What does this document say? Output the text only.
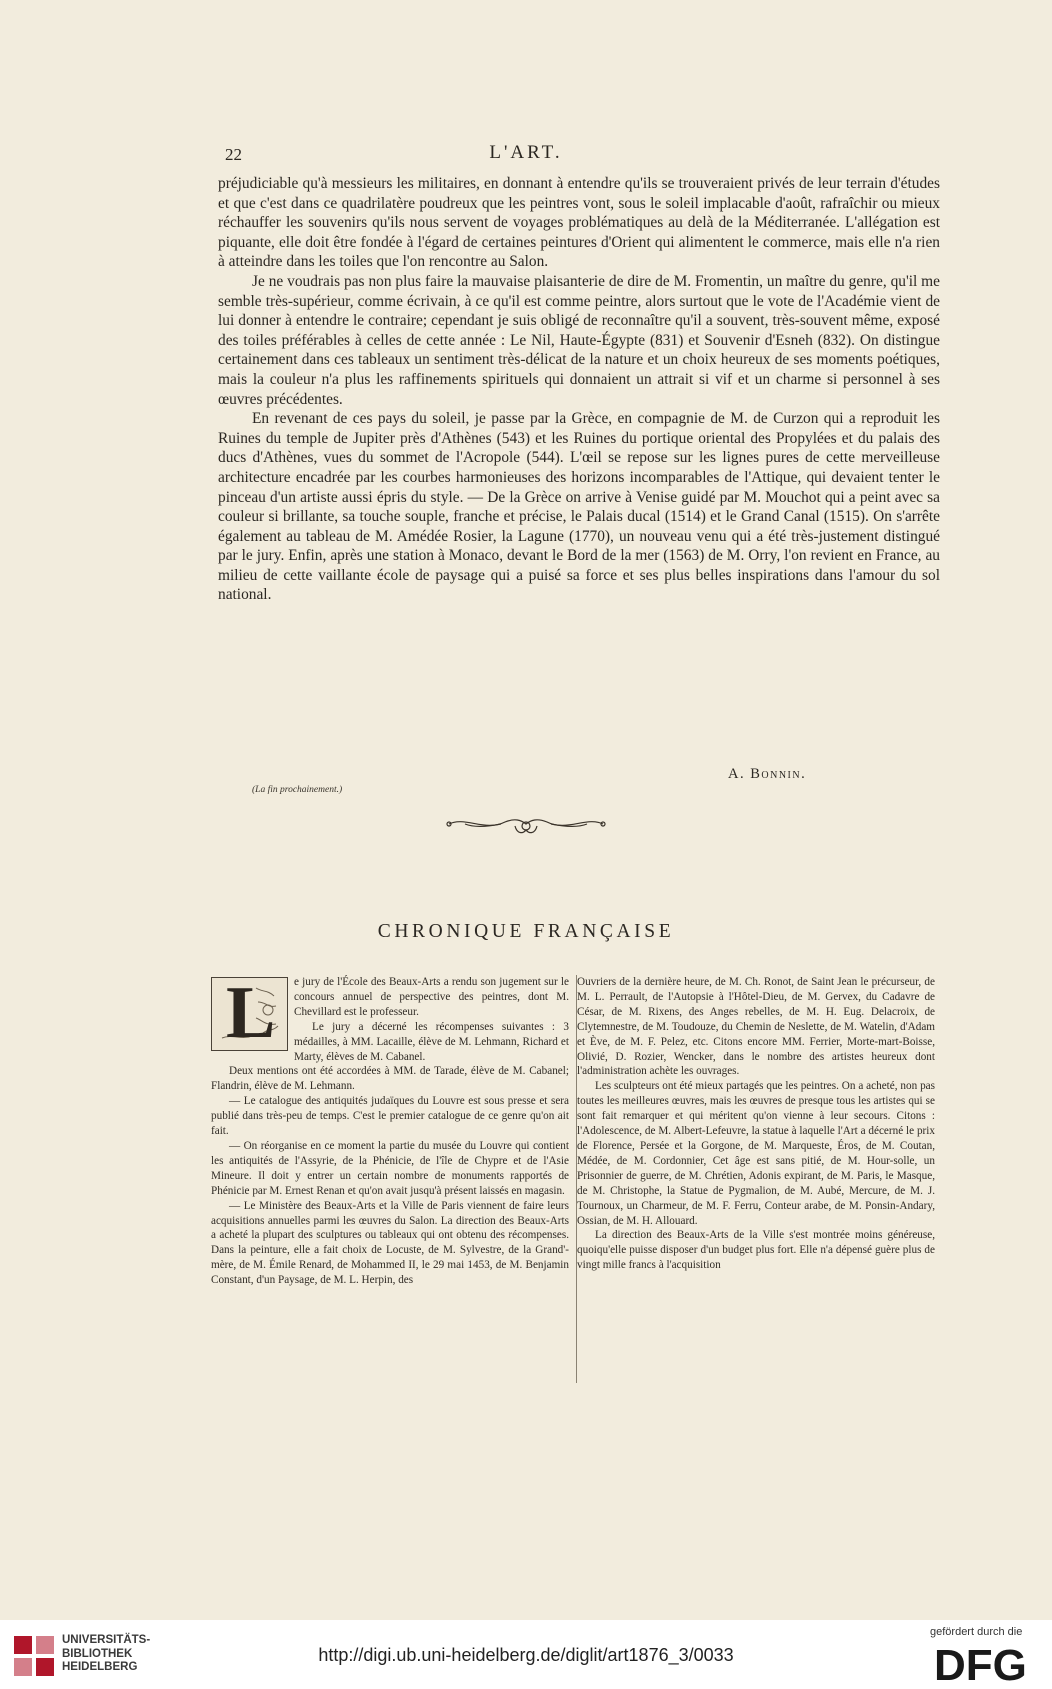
22	L'ART.

préjudiciable qu'à messieurs les militaires, en donnant à entendre qu'ils se trouveraient privés de leur terrain d'études et que c'est dans ce quadrilatère poudreux que les peintres vont, sous le soleil implacable d'août, rafraîchir ou mieux réchauffer les souvenirs qu'ils nous servent de voyages problématiques au delà de la Méditerranée. L'allégation est piquante, elle doit être fondée à l'égard de certaines peintures d'Orient qui alimentent le commerce, mais elle n'a rien à atteindre dans les toiles que l'on rencontre au Salon.

Je ne voudrais pas non plus faire la mauvaise plaisanterie de dire de M. Fromentin, un maître du genre, qu'il me semble très-supérieur, comme écrivain, à ce qu'il est comme peintre, alors surtout que le vote de l'Académie vient de lui donner à entendre le contraire; cependant je suis obligé de reconnaître qu'il a souvent, très-souvent même, exposé des toiles préférables à celles de cette année : Le Nil, Haute-Égypte (831) et Souvenir d'Esneh (832). On distingue certainement dans ces tableaux un sentiment très-délicat de la nature et un choix heureux de ses moments poétiques, mais la couleur n'a plus les raffinements spirituels qui donnaient un attrait si vif et un charme si personnel à ses œuvres précédentes.

En revenant de ces pays du soleil, je passe par la Grèce, en compagnie de M. de Curzon qui a reproduit les Ruines du temple de Jupiter près d'Athènes (543) et les Ruines du portique oriental des Propylées et du palais des ducs d'Athènes, vues du sommet de l'Acropole (544). L'œil se repose sur les lignes pures de cette merveilleuse architecture encadrée par les courbes harmonieuses des horizons incomparables de l'Attique, qui devaient tenter le pinceau d'un artiste aussi épris du style. — De la Grèce on arrive à Venise guidé par M. Mouchot qui a peint avec sa couleur si brillante, sa touche souple, franche et précise, le Palais ducal (1514) et le Grand Canal (1515). On s'arrête également au tableau de M. Amédée Rosier, la Lagune (1770), un nouveau venu qui a été très-justement distingué par le jury. Enfin, après une station à Monaco, devant le Bord de la mer (1563) de M. Orry, l'on revient en France, au milieu de cette vaillante école de paysage qui a puisé sa force et ses plus belles inspirations dans l'amour du sol national.

A. Bonnin.
(La fin prochainement.)
CHRONIQUE FRANÇAISE
L	e jury de l'École des Beaux-Arts a rendu son jugement sur le concours annuel de perspective des peintres, dont M. Chevillard est le professeur.

Le jury a décerné les récompenses suivantes : 3 médailles, à MM. Lacaille, élève de M. Lehmann, Richard et Marty, élèves de M. Cabanel.

Deux mentions ont été accordées à MM. de Tarade, élève de M. Cabanel; Flandrin, élève de M. Lehmann.

— Le catalogue des antiquités judaïques du Louvre est sous presse et sera publié dans très-peu de temps. C'est le premier catalogue de ce genre qu'on ait fait.

— On réorganise en ce moment la partie du musée du Louvre qui contient les antiquités de l'Assyrie, de la Phénicie, de l'île de Chypre et de l'Asie Mineure. Il doit y entrer un certain nombre de monuments rapportés de Phénicie par M. Ernest Renan et qu'on avait jusqu'à présent laissés en magasin.

— Le Ministère des Beaux-Arts et la Ville de Paris viennent de faire leurs acquisitions annuelles parmi les œuvres du Salon. La direction des Beaux-Arts a acheté la plupart des sculptures ou tableaux qui ont obtenu des récompenses. Dans la peinture, elle a fait choix de Locuste, de M. Sylvestre, de la Grand'-mère, de M. Émile Renard, de Mohammed II, le 29 mai 1453, de M. Benjamin Constant, d'un Paysage, de M. L. Herpin, des

Ouvriers de la dernière heure, de M. Ch. Ronot, de Saint Jean le précurseur, de M. L. Perrault, de l'Autopsie à l'Hôtel-Dieu, de M. Gervex, du Cadavre de César, de M. Rixens, des Anges rebelles, de M. H. Eug. Delacroix, de Clytemnestre, de M. Toudouze, du Chemin de Neslette, de M. Watelin, d'Adam et Ève, de M. F. Pelez, etc. Citons encore MM. Ferrier, Morte-mart-Boisse, Olivié, D. Rozier, Wencker, dans le nombre des artistes heureux dont l'administration achète les ouvrages.

Les sculpteurs ont été mieux partagés que les peintres. On a acheté, non pas toutes les meilleures œuvres, mais les œuvres de presque tous les artistes qui se sont fait remarquer et qui méritent qu'on vienne à leur secours. Citons : l'Adolescence, de M. Albert-Lefeuvre, la statue à laquelle l'Art a décerné le prix de Florence, Persée et la Gorgone, de M. Marqueste, Éros, de M. Coutan, Médée, de M. Cordonnier, Cet âge est sans pitié, de M. Hour-solle, un Prisonnier de guerre, de M. Chrétien, Adonis expirant, de M. Paris, le Masque, de M. Christophe, la Statue de Pygmalion, de M. Aubé, Mercure, de M. J. Tournoux, un Charmeur, de M. F. Ferru, Conteur arabe, de M. Ponsin-Andary, Ossian, de M. H. Allouard.

La direction des Beaux-Arts de la Ville s'est montrée moins généreuse, quoiqu'elle puisse disposer d'un budget plus fort. Elle n'a dépensé guère plus de vingt mille francs à l'acquisition

UNIVERSITÄTS-
BIBLIOTHEK
HEIDELBERG
http://digi.ub.uni-heidelberg.de/diglit/art1876_3/0033
gefördert durch die
DFG
